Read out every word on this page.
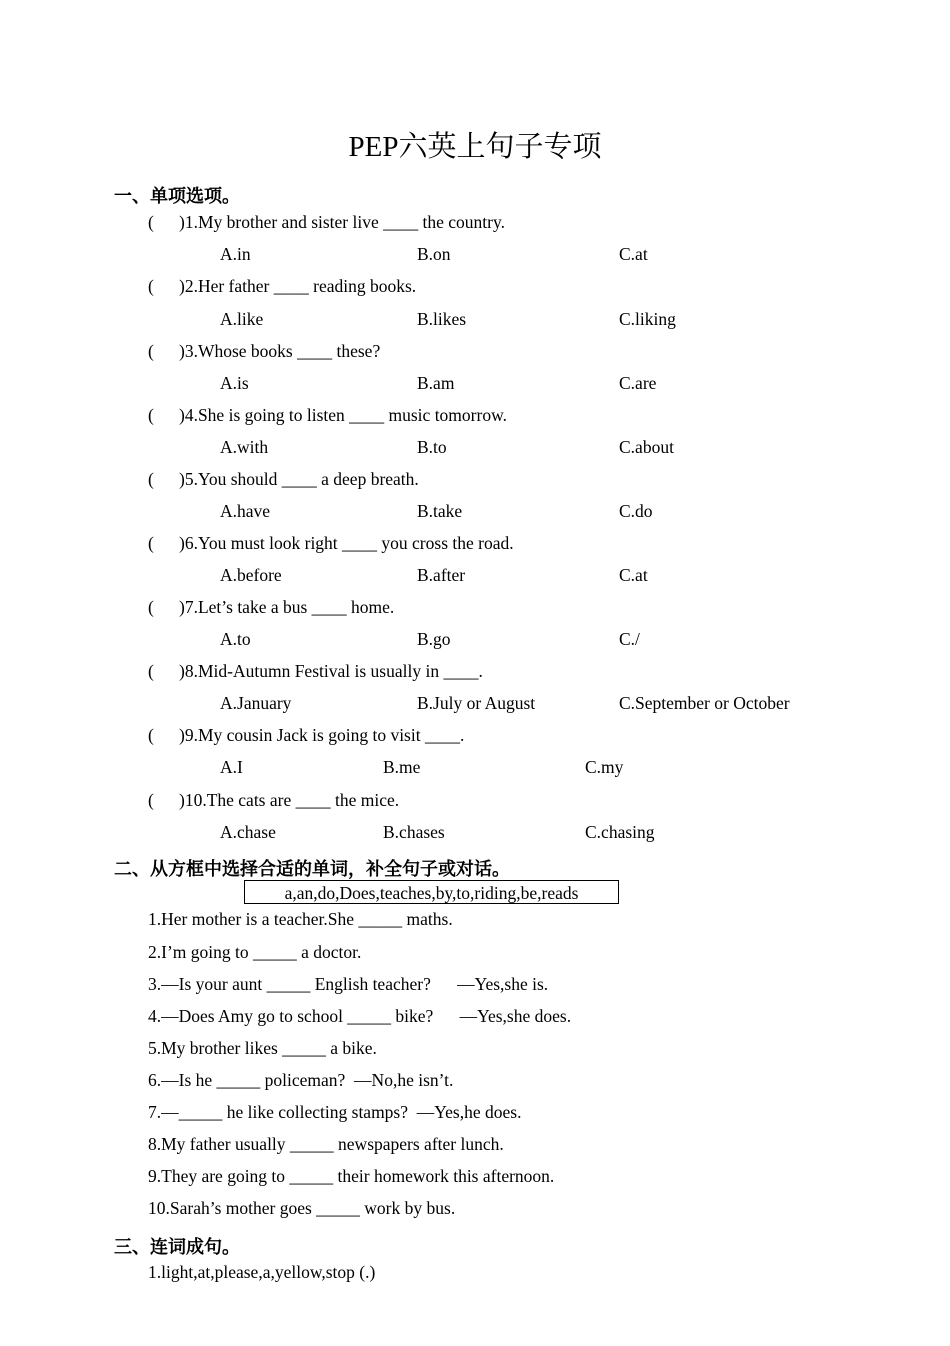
PEP六英上句子专项
一、单项选项。
( )1.My brother and sister live ____ the country.
A.in	B.on	C.at
( )2.Her father ____ reading books.
A.like	B.likes	C.liking
( )3.Whose books ____ these?
A.is	B.am	C.are
( )4.She is going to listen ____ music tomorrow.
A.with	B.to	C.about
( )5.You should ____ a deep breath.
A.have	B.take	C.do
( )6.You must look right ____ you cross the road.
A.before	B.after	C.at
( )7.Let’s take a bus ____ home.
A.to	B.go	C./
( )8.Mid-Autumn Festival is usually in ____.
A.January	B.July or August	C.September or October
( )9.My cousin Jack is going to visit ____.
A.I	B.me	C.my
( )10.The cats are ____ the mice.
A.chase	B.chases	C.chasing
二、从方框中选择合适的单词，补全句子或对话。
a,an,do,Does,teaches,by,to,riding,be,reads
1.Her mother is a teacher.She _____ maths.
2.I’m going to _____ a doctor.
3.—Is your aunt _____ English teacher?      —Yes,she is.
4.—Does Amy go to school _____ bike?      —Yes,she does.
5.My brother likes _____ a bike.
6.—Is he _____ policeman?  —No,he isn’t.
7.—_____ he like collecting stamps?  —Yes,he does.
8.My father usually _____ newspapers after lunch.
9.They are going to _____ their homework this afternoon.
10.Sarah’s mother goes _____ work by bus.
三、连词成句。
1.light,at,please,a,yellow,stop (.)
